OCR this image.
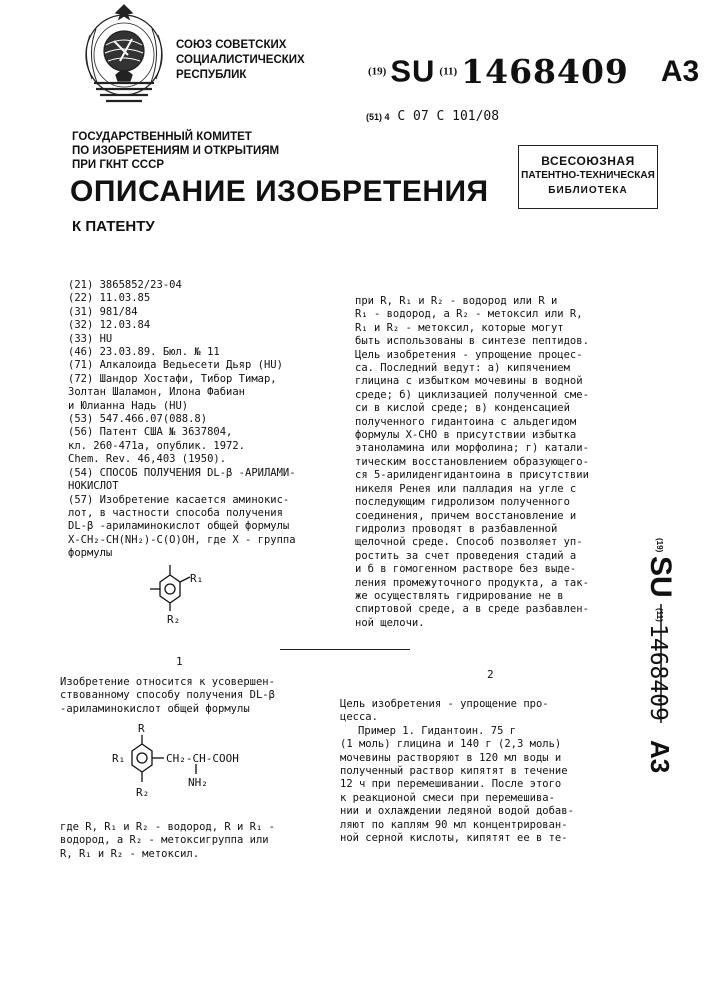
СОЮЗ СОВЕТСКИХ
СОЦИАЛИСТИЧЕСКИХ
РЕСПУБЛИК	(19) SU (11) 1468409 A3
(51) 4 С 07 С 101/08
ГОСУДАРСТВЕННЫЙ КОМИТЕТ
ПО ИЗОБРЕТЕНИЯМ И ОТКРЫТИЯМ
ПРИ ГКНТ СССР
ОПИСАНИЕ ИЗОБРЕТЕНИЯ
К ПАТЕНТУ
ВСЕСОЮЗНАЯ
ПАТЕНТНО-ТЕХНИЧЕСКАЯ
БИБЛИОТЕКА
(21) 3865852/23-04
(22) 11.03.85
(31) 981/84
(32) 12.03.84
(33) HU
(46) 23.03.89. Бюл. № 11
(71) Алкалоида Ведьесети Дьяр (HU)
(72) Шандор Хостафи, Тибор Тимар,
Золтан Шаламон, Илона Фабиан
и Юлианна Надь (HU)
(53) 547.466.07(088.8)
(56) Патент США № 3637804,
кл. 260-471а, опублик. 1972.
Chem. Rev. 46,403 (1950).
(54) СПОСОБ ПОЛУЧЕНИЯ DL-β -АРИЛАМИ-
НОКИСЛОТ
(57) Изобретение касается аминокис-
лот, в частности способа получения
DL-β -ариламинокислот общей формулы
X-CH₂-CH(NH₂)-C(O)OH, где X - группа
формулы
R₁
R₂
при R, R₁ и R₂ - водород или R и
R₁ - водород, а R₂ - метоксил или R,
R₁ и R₂ - метоксил, которые могут
быть использованы в синтезе пептидов.
Цель изобретения - упрощение процес-
са. Последний ведут: а) кипячением
глицина с избытком мочевины в водной
среде; б) циклизацией полученной сме-
си в кислой среде; в) конденсацией
полученного гидантоина с альдегидом
формулы X-CHO в присутствии избытка
этаноламина или морфолина; г) катали-
тическим восстановлением образующего-
ся 5-арилиденгидантоина в присутствии
никеля Ренея или палладия на угле с
последующим гидролизом полученного
соединения, причем восстановление и
гидролиз проводят в разбавленной
щелочной среде. Способ позволяет уп-
ростить за счет проведения стадий а
и б в гомогенном растворе без выде-
ления промежуточного продукта, а так-
же осуществлять гидрирование не в
спиртовой среде, а в среде разбавлен-
ной щелочи.
(19)
SU
(11)
1468409
A3
1
2
Изобретение относится к усовершен-
ствованному способу получения DL-β
-ариламинокислот общей формулы
R
R₁	CH₂-CH-COOH
NH₂
R₂
где R, R₁ и R₂ - водород, R и R₁ -
водород, а R₂ - метоксигруппа или
R, R₁ и R₂ - метоксил.
Цель изобретения - упрощение про-
цесса.
Пример 1. Гидантоин. 75 г
(1 моль) глицина и 140 г (2,3 моль)
мочевины растворяют в 120 мл воды и
полученный раствор кипятят в течение
12 ч при перемешивании. После этого
к реакционой смеси при перемешива-
нии и охлаждении ледяной водой добав-
ляют по каплям 90 мл концентрирован-
ной серной кислоты, кипятят ее в те-
